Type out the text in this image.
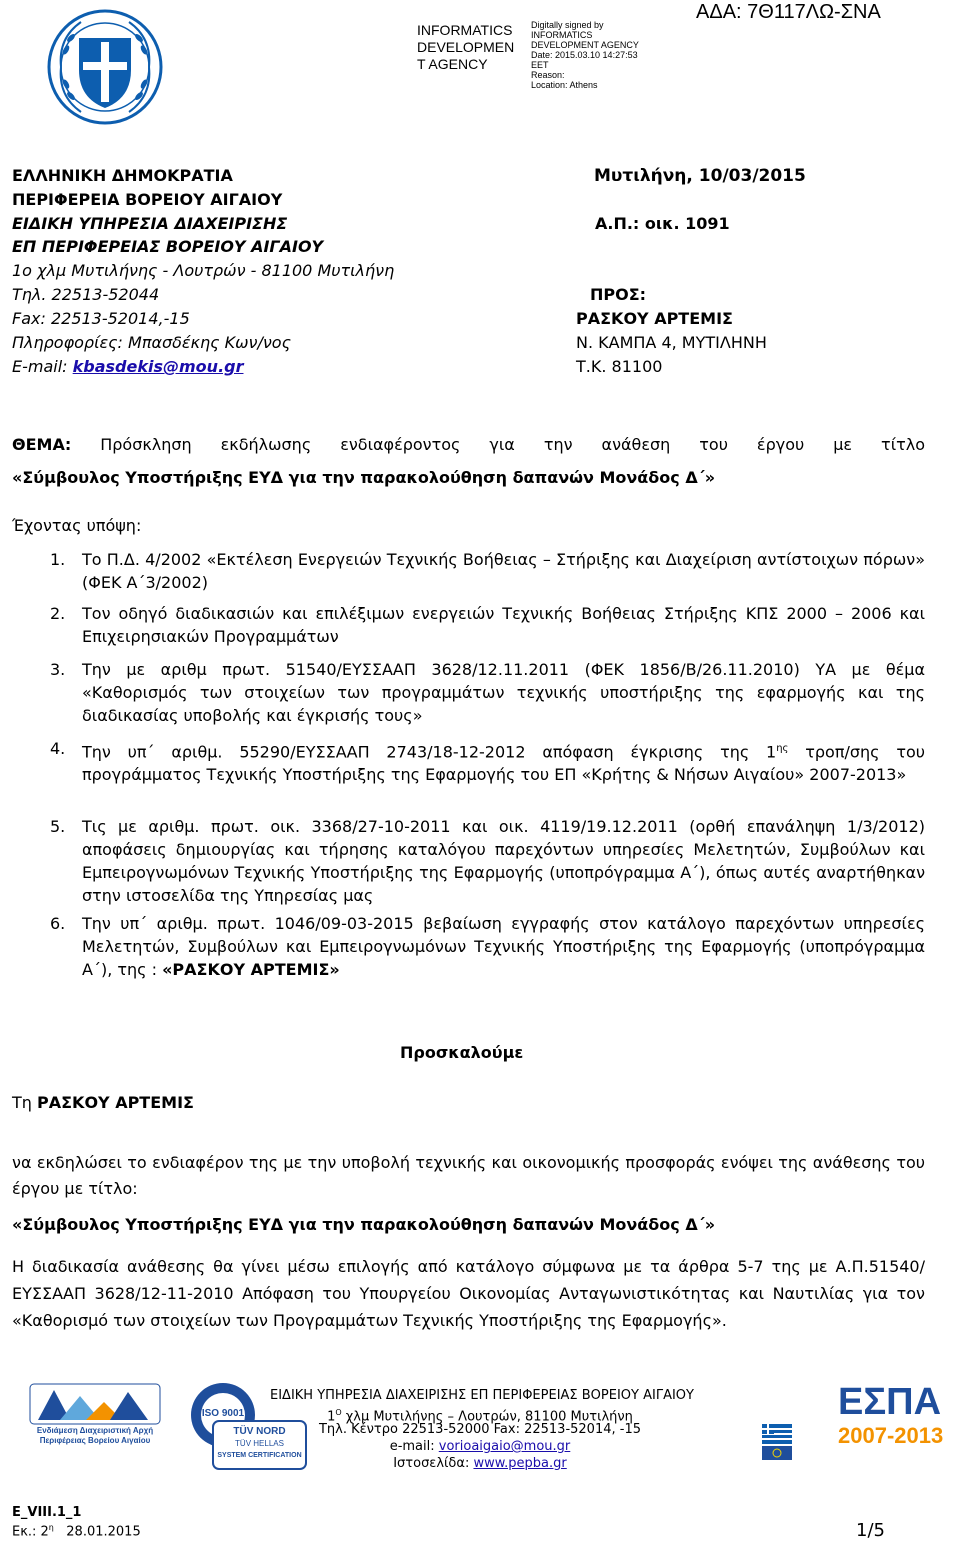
INFORMATICS
DEVELOPMEN
T AGENCY
Digitally signed by
INFORMATICS
DEVELOPMENT AGENCY
Date: 2015.03.10 14:27:53
EET
Reason:
Location: Athens
ΑΔΑ: 7Θ117ΛΩ-ΣΝΑ
ΕΛΛΗΝΙΚΗ ΔΗΜΟΚΡΑΤΙΑ
ΠΕΡΙΦΕΡΕΙΑ ΒΟΡΕΙΟΥ ΑΙΓΑΙΟΥ
ΕΙΔΙΚΗ ΥΠΗΡΕΣΙΑ ΔΙΑΧΕΙΡΙΣΗΣ
ΕΠ ΠΕΡΙΦΕΡΕΙΑΣ ΒΟΡΕΙΟΥ ΑΙΓΑΙΟΥ
1ο χλμ Μυτιλήνης - Λουτρών - 81100 Μυτιλήνη
Τηλ. 22513-52044
Fax: 22513-52014,-15
Πληροφορίες: Μπασδέκης Κων/νος
E-mail: kbasdekis@mou.gr
Μυτιλήνη, 10/03/2015
Α.Π.: οικ. 1091
ΠΡΟΣ:
ΡΑΣΚΟΥ ΑΡΤΕΜΙΣ
Ν. ΚΑΜΠΑ 4, ΜΥΤΙΛΗΝΗ
Τ.Κ. 81100
ΘΕΜΑ: Πρόσκληση εκδήλωσης ενδιαφέροντος για την ανάθεση του έργου με τίτλο
«Σύμβουλος Υποστήριξης ΕΥΔ για την παρακολούθηση δαπανών Μονάδος Δ΄»
Έχοντας υπόψη:
1. Το Π.Δ. 4/2002 «Εκτέλεση Ενεργειών Τεχνικής Βοήθειας – Στήριξης και Διαχείριση αντίστοιχων πόρων» (ΦΕΚ Α΄3/2002)
2. Τον οδηγό διαδικασιών και επιλέξιμων ενεργειών Τεχνικής Βοήθειας Στήριξης ΚΠΣ 2000 – 2006 και Επιχειρησιακών Προγραμμάτων
3. Την με αριθμ πρωτ. 51540/ΕΥΣΣΑΑΠ 3628/12.11.2011 (ΦΕΚ 1856/Β/26.11.2010) ΥΑ με θέμα «Καθορισμός των στοιχείων των προγραμμάτων τεχνικής υποστήριξης της εφαρμογής και της διαδικασίας υποβολής και έγκρισής τους»
4. Την υπ΄ αριθμ. 55290/ΕΥΣΣΑΑΠ 2743/18-12-2012 απόφαση έγκρισης της $1^{\eta\varsigma}$ τροπ/σης του προγράμματος Τεχνικής Υποστήριξης της Εφαρμογής του ΕΠ «Κρήτης & Νήσων Αιγαίου» 2007-2013»
5. Τις με αριθμ. πρωτ. οικ. 3368/27-10-2011 και οικ. 4119/19.12.2011 (ορθή επανάληψη 1/3/2012) αποφάσεις δημιουργίας και τήρησης καταλόγου παρεχόντων υπηρεσίες Μελετητών, Συμβούλων και Εμπειρογνωμόνων Τεχνικής Υποστήριξης της Εφαρμογής (υποπρόγραμμα Α΄), όπως αυτές αναρτήθηκαν στην ιστοσελίδα της Υπηρεσίας μας
6. Την υπ΄ αριθμ. πρωτ. 1046/09-03-2015 βεβαίωση εγγραφής στον κατάλογο παρεχόντων υπηρεσίες Μελετητών, Συμβούλων και Εμπειρογνωμόνων Τεχνικής Υποστήριξης της Εφαρμογής (υποπρόγραμμα Α΄), της : «ΡΑΣΚΟΥ ΑΡΤΕΜΙΣ»
Προσκαλούμε
Τη ΡΑΣΚΟΥ ΑΡΤΕΜΙΣ
να εκδηλώσει το ενδιαφέρον της με την υποβολή τεχνικής και οικονομικής προσφοράς ενόψει της ανάθεσης του έργου με τίτλο:
«Σύμβουλος Υποστήριξης ΕΥΔ για την παρακολούθηση δαπανών Μονάδος Δ΄»
Η διαδικασία ανάθεσης θα γίνει μέσω επιλογής από κατάλογο σύμφωνα με τα άρθρα 5-7 της με Α.Π.51540/ΕΥΣΣΑΑΠ 3628/12-11-2010 Απόφαση του Υπουργείου Οικονομίας Ανταγωνιστικότητας και Ναυτιλίας για τον «Καθορισμό των στοιχείων των Προγραμμάτων Τεχνικής Υποστήριξης της Εφαρμογής».
Ενδιάμεση Διαχειριστική Αρχή Περιφέρειας Βορείου Αιγαίου
ISO 9001
TÜV NORD
TÜV HELLAS
SYSTEM CERTIFICATION
ΕΙΔΙΚΗ ΥΠΗΡΕΣΙΑ ΔΙΑΧΕΙΡΙΣΗΣ ΕΠ ΠΕΡΙΦΕΡΕΙΑΣ ΒΟΡΕΙΟΥ ΑΙΓΑΙΟΥ
$1^O$ χλμ Μυτιλήνης – Λουτρών, 81100 Μυτιλήνη
Τηλ. Κέντρο 22513-52000 Fax: 22513-52014, -15
e-mail: vorioaigaio@mou.gr
Ιστοσελίδα: www.pepba.gr
ΕΣΠΑ
2007-2013
Ε_VIII.1_1
Εκ.: $2^\eta$ 28.01.2015	1/5
